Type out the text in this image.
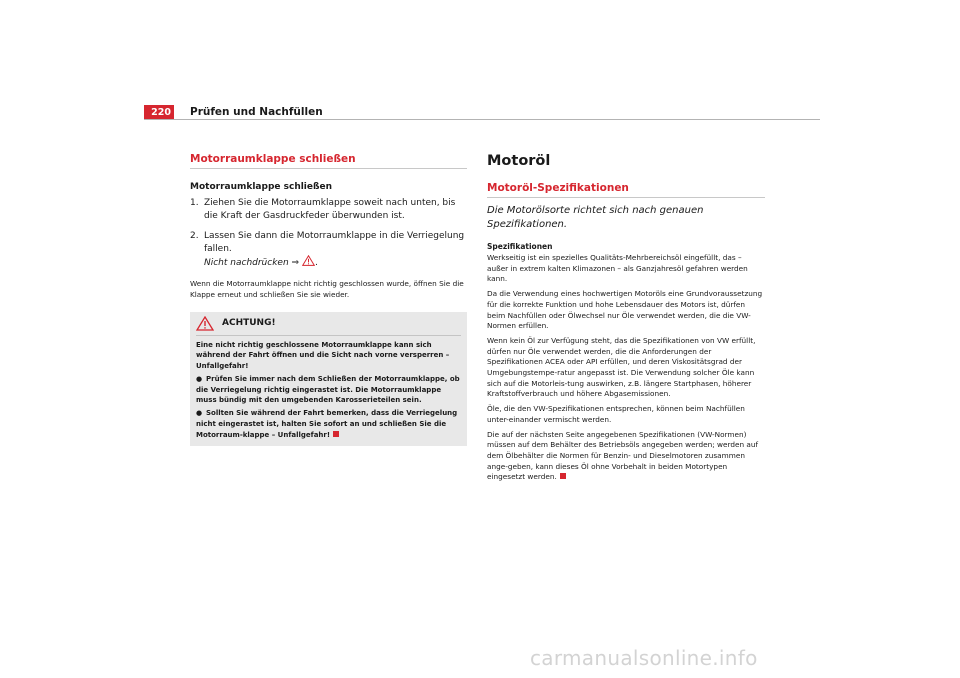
220 Prüfen und Nachfüllen
Motorraumklappe schließen
Motorraumklappe schließen
1. Ziehen Sie die Motorraumklappe soweit nach unten, bis die Kraft der Gasdruckfeder überwunden ist.
2. Lassen Sie dann die Motorraumklappe in die Verriegelung fallen.
Nicht nachdrücken ⇒ .
Wenn die Motorraumklappe nicht richtig geschlossen wurde, öffnen Sie die Klappe erneut und schließen Sie sie wieder.
ACHTUNG!
Eine nicht richtig geschlossene Motorraumklappe kann sich während der Fahrt öffnen und die Sicht nach vorne versperren – Unfallgefahr!
● Prüfen Sie immer nach dem Schließen der Motorraumklappe, ob die Verriegelung richtig eingerastet ist. Die Motorraumklappe muss bündig mit den umgebenden Karosserieteilen sein.
● Sollten Sie während der Fahrt bemerken, dass die Verriegelung nicht eingerastet ist, halten Sie sofort an und schließen Sie die Motorraum-klappe – Unfallgefahr!
Motoröl
Motoröl-Spezifikationen
Die Motorölsorte richtet sich nach genauen Spezifikationen.
Spezifikationen
Werkseitig ist ein spezielles Qualitäts-Mehrbereichsöl eingefüllt, das – außer in extrem kalten Klimazonen – als Ganzjahresöl gefahren werden kann.
Da die Verwendung eines hochwertigen Motoröls eine Grundvoraussetzung für die korrekte Funktion und hohe Lebensdauer des Motors ist, dürfen beim Nachfüllen oder Ölwechsel nur Öle verwendet werden, die die VW-Normen erfüllen.
Wenn kein Öl zur Verfügung steht, das die Spezifikationen von VW erfüllt, dürfen nur Öle verwendet werden, die die Anforderungen der Spezifikationen ACEA oder API erfüllen, und deren Viskositätsgrad der Umgebungstempe-ratur angepasst ist. Die Verwendung solcher Öle kann sich auf die Motorleis-tung auswirken, z.B. längere Startphasen, höherer Kraftstoffverbrauch und höhere Abgasemissionen.
Öle, die den VW-Spezifikationen entsprechen, können beim Nachfüllen unter-einander vermischt werden.
Die auf der nächsten Seite angegebenen Spezifikationen (VW-Normen) müssen auf dem Behälter des Betriebsöls angegeben werden; werden auf dem Ölbehälter die Normen für Benzin- und Dieselmotoren zusammen ange-geben, kann dieses Öl ohne Vorbehalt in beiden Motortypen eingesetzt werden.
carmanualsonline.info
